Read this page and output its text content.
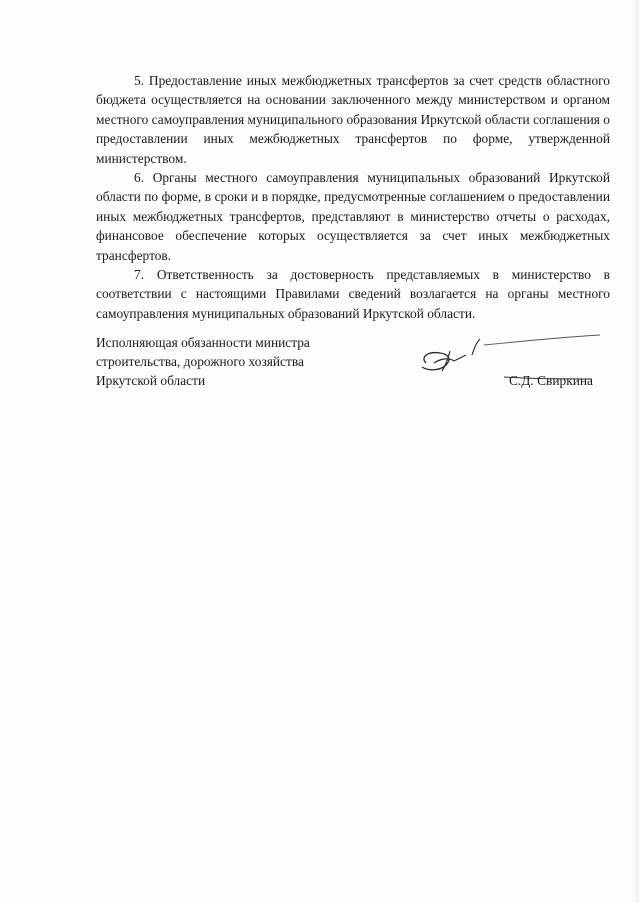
5. Предоставление иных межбюджетных трансфертов за счет средств областного бюджета осуществляется на основании заключенного между министерством и органом местного самоуправления муниципального образования Иркутской области соглашения о предоставлении иных межбюджетных трансфертов по форме, утвержденной министерством.

6. Органы местного самоуправления муниципальных образований Иркутской области по форме, в сроки и в порядке, предусмотренные соглашением о предоставлении иных межбюджетных трансфертов, представляют в министерство отчеты о расходах, финансовое обеспечение которых осуществляется за счет иных межбюджетных трансфертов.

7. Ответственность за достоверность представляемых в министерство в соответствии с настоящими Правилами сведений возлагается на органы местного самоуправления муниципальных образований Иркутской области.

Исполняющая обязанности министра
строительства, дорожного хозяйства
Иркутской области	С.Д. Свиркина
